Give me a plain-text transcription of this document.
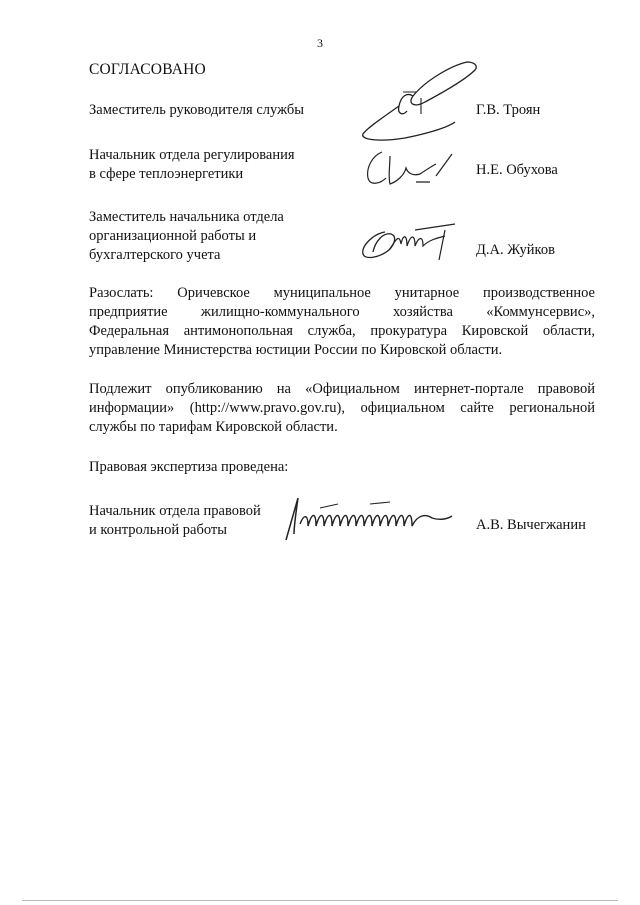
3
СОГЛАСОВАНО
Заместитель руководителя службы	Г.В. Троян
Начальник отдела регулирования
в сфере теплоэнергетики	Н.Е. Обухова
Заместитель начальника отдела
организационной работы и
бухгалтерского учета	Д.А. Жуйков
Разослать: Оричевское муниципальное унитарное производственное
предприятие жилищно-коммунального хозяйства «Коммунсервис»,
Федеральная антимонопольная служба, прокуратура Кировской области,
управление Министерства юстиции России по Кировской области.
Подлежит опубликованию на «Официальном интернет-портале правовой
информации» (http://www.pravo.gov.ru), официальном сайте региональной
службы по тарифам Кировской области.
Правовая экспертиза проведена:
Начальник отдела правовой
и контрольной работы	А.В. Вычегжанин
